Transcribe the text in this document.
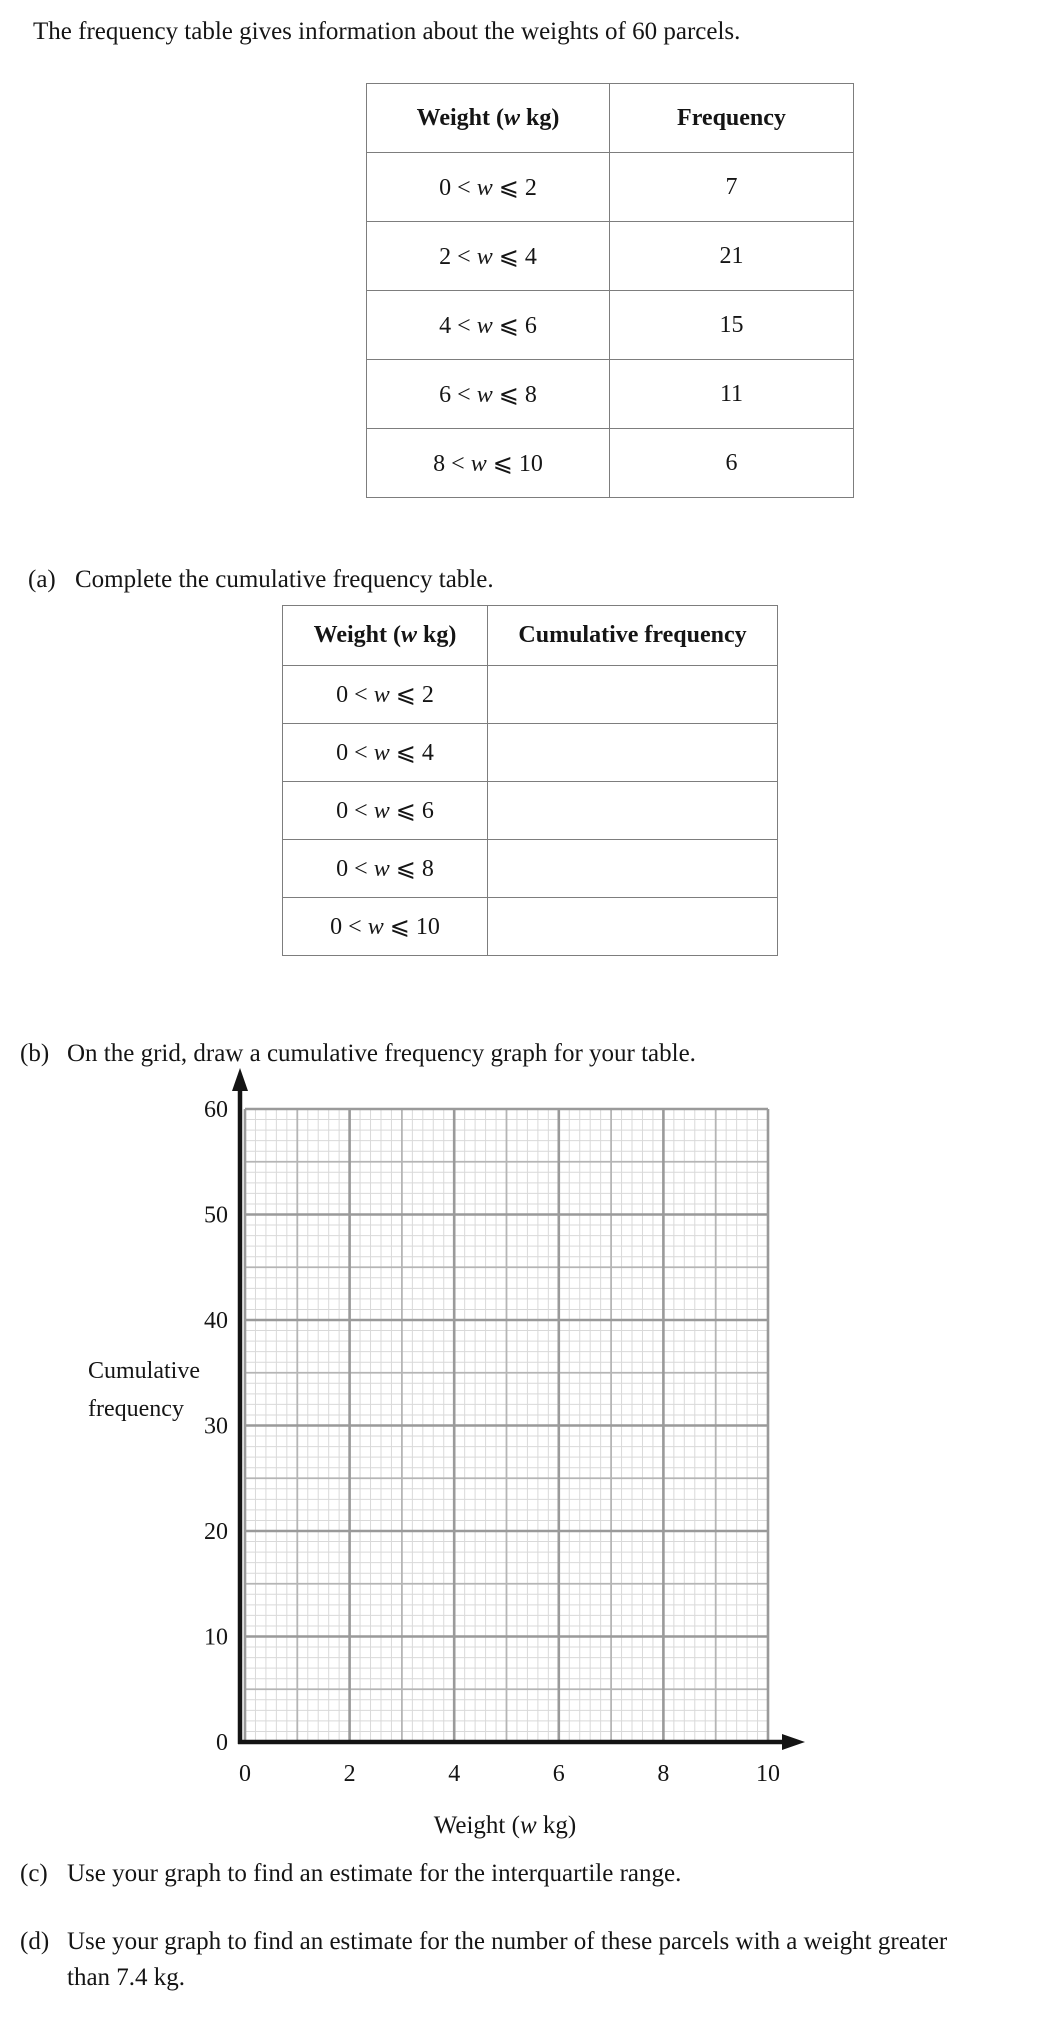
The frequency table gives information about the weights of 60 parcels.
Weight (w kg)	Frequency
0 < w ⩽ 2	7
2 < w ⩽ 4	21
4 < w ⩽ 6	15
6 < w ⩽ 8	11
8 < w ⩽ 10	6
(a) Complete the cumulative frequency table.
Weight (w kg)	Cumulative frequency
0 < w ⩽ 2	
0 < w ⩽ 4	
0 < w ⩽ 6	
0 < w ⩽ 8	
0 < w ⩽ 10	
(b) On the grid, draw a cumulative frequency graph for your table.
0
10
20
30
40
50
60
0	2	4	6	8	10
Cumulative frequency
Weight (w kg)
(c) Use your graph to find an estimate for the interquartile range.
(d) Use your graph to find an estimate for the number of these parcels with a weight greater than 7.4 kg.
